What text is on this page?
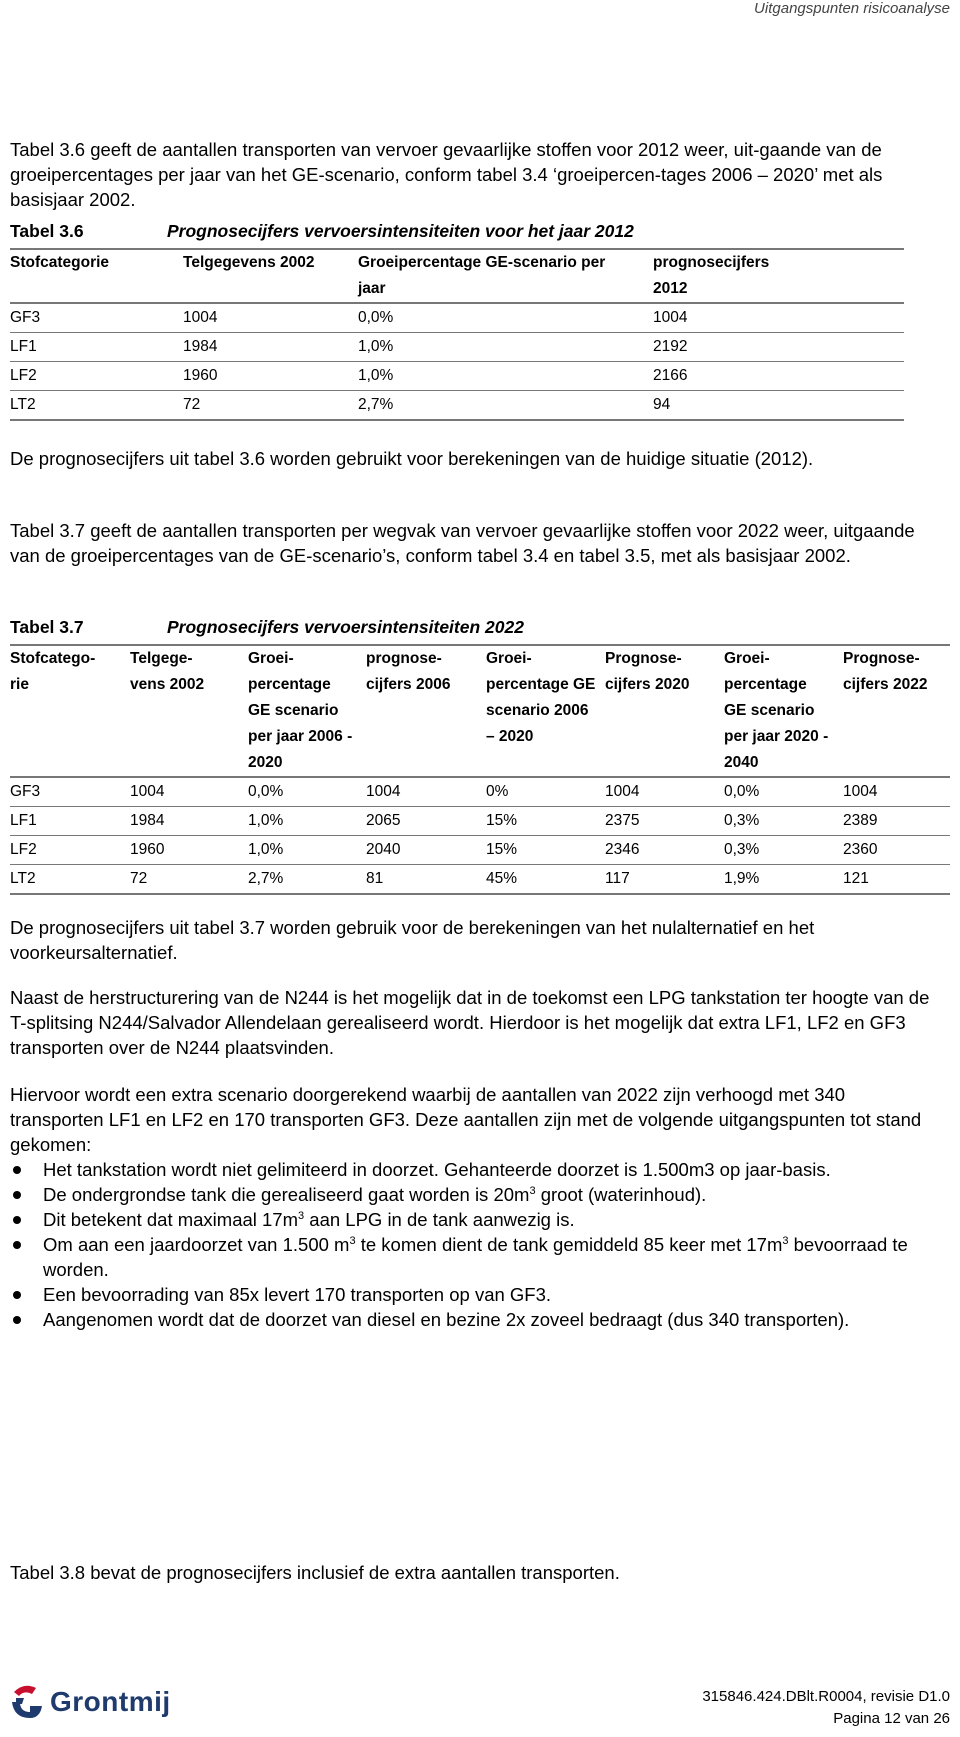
Uitgangspunten risicoanalyse
Tabel 3.6 geeft de aantallen transporten van vervoer gevaarlijke stoffen voor 2012 weer, uit-gaande van de groeipercentages per jaar van het GE-scenario, conform tabel 3.4 ‘groeipercen-tages 2006 – 2020’ met als basisjaar 2002.
Tabel 3.6	Prognosecijfers vervoersintensiteiten voor het jaar 2012
Stofcategorie	Telgegevens 2002	Groeipercentage GE-scenario per jaar	prognosecijfers 2012

GF3	1004	0,0%	1004
LF1	1984	1,0%	2192
LF2	1960	1,0%	2166
LT2	72	2,7%	94
De prognosecijfers uit tabel 3.6 worden gebruikt voor berekeningen van de huidige situatie (2012).
Tabel 3.7 geeft de aantallen transporten per wegvak van vervoer gevaarlijke stoffen voor 2022 weer, uitgaande van de groeipercentages van de GE-scenario’s, conform tabel 3.4 en tabel 3.5, met als basisjaar 2002.
Tabel 3.7	Prognosecijfers vervoersintensiteiten 2022
Stofcatego-rie	Telgege-vens 2002	Groei-percentage GE scenario per jaar 2006 - 2020	prognose-cijfers 2006	Groei-percentage GE scenario 2006 – 2020	Prognose-cijfers 2020	Groei-percentage GE scenario per jaar 2020 - 2040	Prognose-cijfers 2022

GF3	1004	0,0%	1004	0%	1004	0,0%	1004
LF1	1984	1,0%	2065	15%	2375	0,3%	2389
LF2	1960	1,0%	2040	15%	2346	0,3%	2360
LT2	72	2,7%	81	45%	117	1,9%	121
De prognosecijfers uit tabel 3.7 worden gebruik voor de berekeningen van het nulalternatief en het voorkeursalternatief.
Naast de herstructurering van de N244 is het mogelijk dat in de toekomst een LPG tankstation ter hoogte van de T-splitsing N244/Salvador Allendelaan gerealiseerd wordt. Hierdoor is het mogelijk dat extra LF1, LF2 en GF3 transporten over de N244 plaatsvinden.
Hiervoor wordt een extra scenario doorgerekend waarbij de aantallen van 2022 zijn verhoogd met 340 transporten LF1 en LF2 en 170 transporten GF3. Deze aantallen zijn met de volgende uitgangspunten tot stand gekomen:
Het tankstation wordt niet gelimiteerd in doorzet. Gehanteerde doorzet is 1.500m3 op jaar-basis.
De ondergrondse tank die gerealiseerd gaat worden is $20m^3$ groot (waterinhoud).
Dit betekent dat maximaal $17m^3$ aan LPG in de tank aanwezig is.
Om aan een jaardoorzet van 1.500 $m^3$ te komen dient de tank gemiddeld 85 keer met $17m^3$ bevoorraad te worden.
Een bevoorrading van 85x levert 170 transporten op van GF3.
Aangenomen wordt dat de doorzet van diesel en bezine 2x zoveel bedraagt (dus 340 transporten).
Tabel 3.8 bevat de prognosecijfers inclusief de extra aantallen transporten.
Grontmij	315846.424.DBlt.R0004, revisie D1.0
Pagina 12 van 26
